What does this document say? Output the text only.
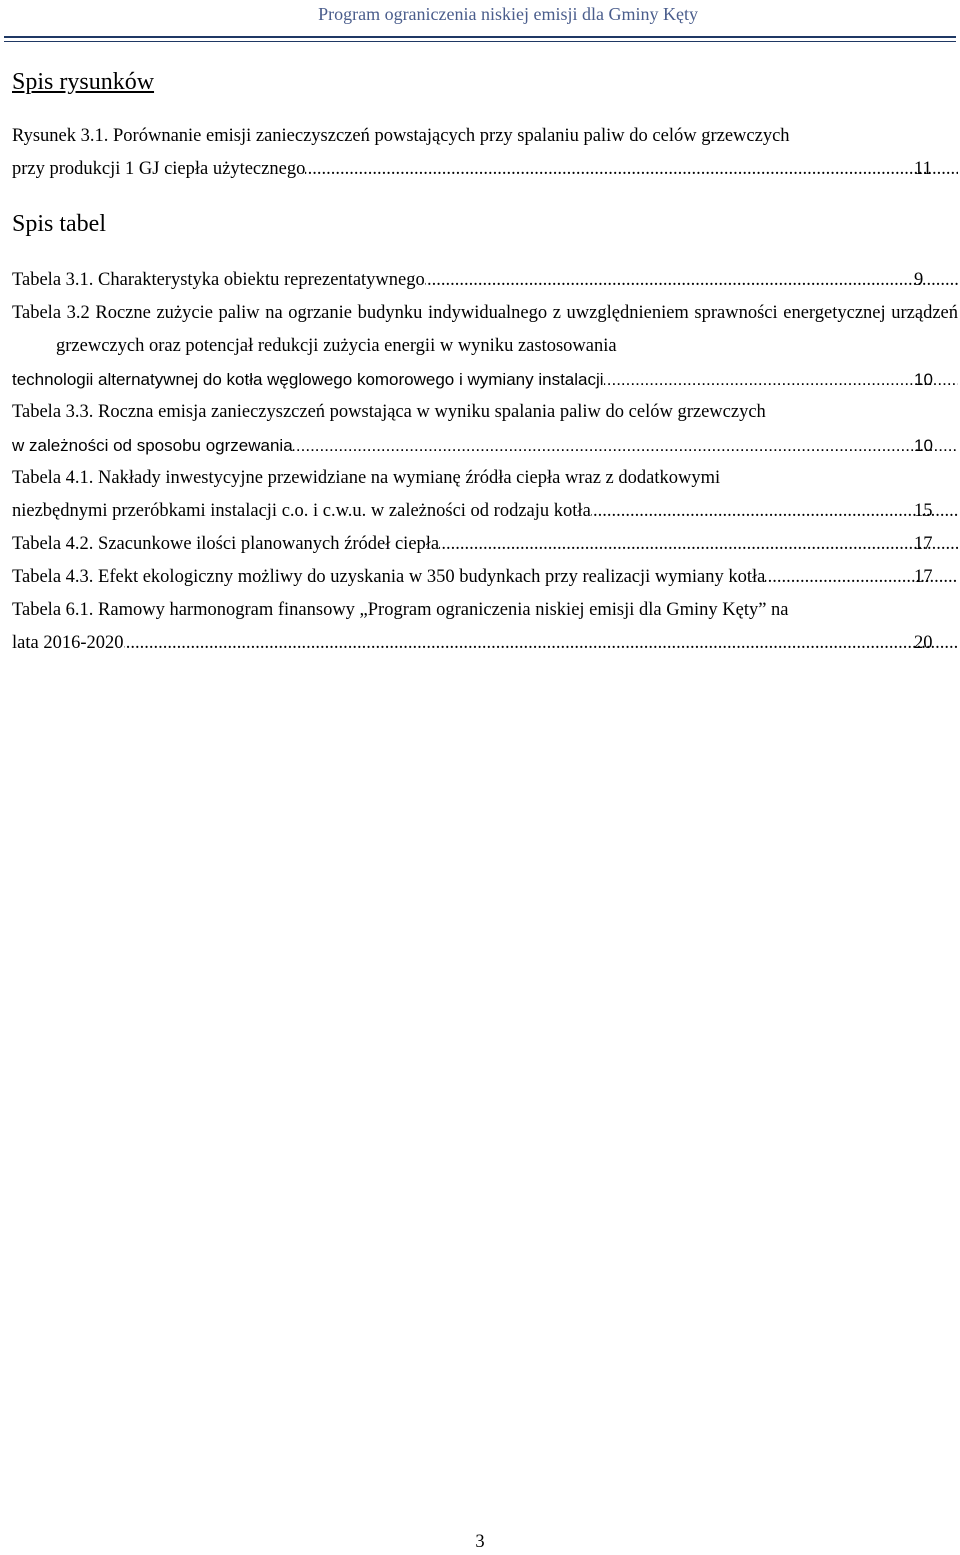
Program ograniczenia niskiej emisji dla Gminy Kęty
Spis rysunków
Rysunek 3.1. Porównanie emisji zanieczyszczeń powstających przy spalaniu paliw do celów grzewczych
przy produkcji 1 GJ ciepła użytecznego .....	11
Spis tabel
Tabela 3.1. Charakterystyka obiektu reprezentatywnego .....	9
Tabela 3.2 Roczne zużycie paliw na ogrzanie budynku indywidualnego z uwzględnieniem sprawności energetycznej urządzeń grzewczych oraz potencjał redukcji zużycia energii w wyniku zastosowania
technologii alternatywnej do kotła węglowego komorowego i wymiany instalacji .....	10
Tabela 3.3. Roczna emisja zanieczyszczeń powstająca w wyniku spalania paliw do celów grzewczych
w zależności od sposobu ogrzewania .....	10
Tabela 4.1. Nakłady inwestycyjne przewidziane na wymianę źródła ciepła wraz z dodatkowymi
niezbędnymi przeróbkami instalacji c.o. i c.w.u. w zależności od rodzaju kotła .....	15
Tabela 4.2. Szacunkowe ilości planowanych źródeł ciepła .....	17
Tabela 4.3. Efekt ekologiczny możliwy do uzyskania w 350 budynkach przy realizacji wymiany kotła .....	17
Tabela 6.1. Ramowy harmonogram finansowy „Program ograniczenia niskiej emisji dla Gminy Kęty” na
lata 2016-2020 .....	20
3
